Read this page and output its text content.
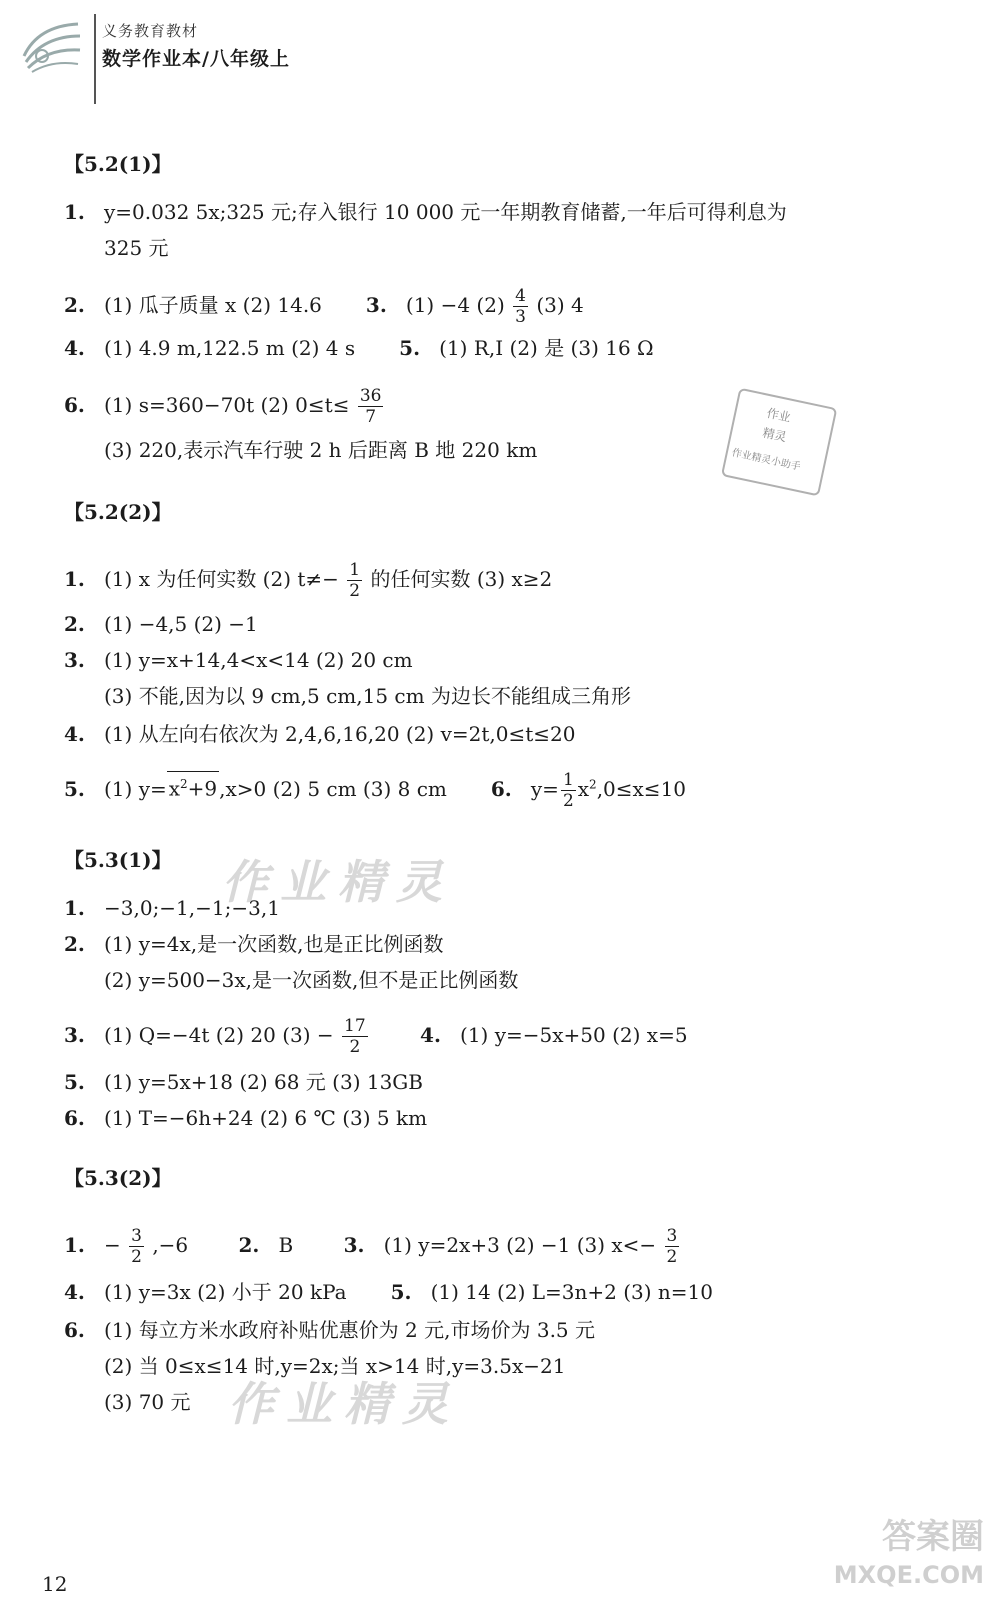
义务教育教材
数学作业本/八年级上
【5.2(1)】
1. y=0.032 5x;325 元;存入银行 10 000 元一年期教育储蓄,一年后可得利息为
325 元
2. (1) 瓜子质量 x (2) 14.6 3. (1) −4 $(2) \frac{4}{3} (3)$ 4
4. (1) 4.9 m,122.5 m (2) 4 s 5. (1) R,I (2) 是 (3) 16 Ω
6. (1) s=360−70t (2) $0\le t\le \frac{36}{7}$
(3) 220,表示汽车行驶 2 h 后距离 B 地 220 km
【5.2(2)】
1. (1) x 为任何实数 (2) $t\ne- \frac{1}{2}$ 的任何实数 (3) x≥2
2. (1) −4,5 (2) −1
3. (1) y=x+14,4<x<14 (2) 20 cm
(3) 不能,因为以 9 cm,5 cm,15 cm 为边长不能组成三角形
4. (1) 从左向右依次为 2,4,6,16,20 (2) v=2t,0≤t≤20
5. (1) $y= x^2+9$ ,x>0 (2) 5 cm (3) 8 cm 6. $y= \frac{1}{2} x^2,0\le x\le 10$
【5.3(1)】
1. −3,0;−1,−1;−3,1
2. (1) y=4x,是一次函数,也是正比例函数
(2) y=500−3x,是一次函数,但不是正比例函数
3. (1) Q=−4t (2) 20 $(3) - \frac{17}{2}$	4. (1) y=−5x+50 (2) x=5
5. (1) y=5x+18 (2) 68 元 (3) 13GB
6. (1) T=−6h+24 (2) 6 ℃ (3) 5 km
【5.3(2)】
1. − $\frac{3}{2} ,-6$	2. B	3. (1) y=2x+3 (2) −1 (3) $x<- \frac{3}{2}$
4. (1) y=3x (2) 小于 20 kPa 5. (1) 14 (2) L=3n+2 (3) n=10
6. (1) 每立方米水政府补贴优惠价为 2 元,市场价为 3.5 元
(2) 当 0≤x≤14 时,y=2x;当 x>14 时,y=3.5x−21
(3) 70 元
作业精灵
作业精灵
作业
精灵
作业精灵小助手
12
答案圈
MXQE.COM
